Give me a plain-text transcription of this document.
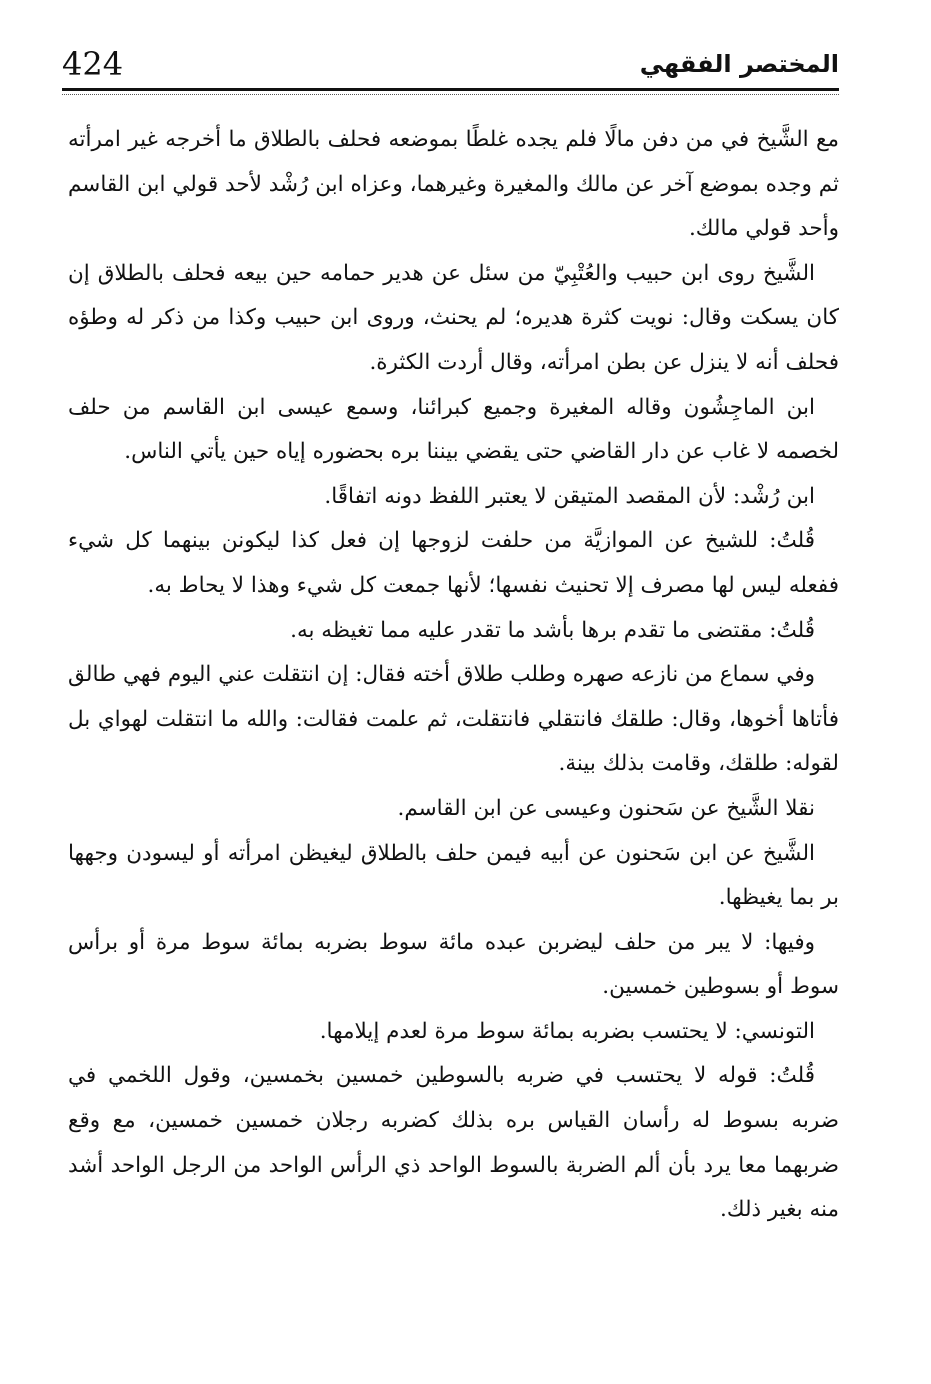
424	المختصر الفقهي

مع الشَّيخ في من دفن مالًا فلم يجده غلطًا بموضعه فحلف بالطلاق ما أخرجه غير امرأته ثم وجده بموضع آخر عن مالك والمغيرة وغيرهما، وعزاه ابن رُشْد لأحد قولي ابن القاسم وأحد قولي مالك.

الشَّيخ روى ابن حبيب والعُتْبِيّ من سئل عن هدير حمامه حين بيعه فحلف بالطلاق إن كان يسكت وقال: نويت كثرة هديره؛ لم يحنث، وروى ابن حبيب وكذا من ذكر له وطؤه فحلف أنه لا ينزل عن بطن امرأته، وقال أردت الكثرة.

ابن الماجِشُون وقاله المغيرة وجميع كبرائنا، وسمع عيسى ابن القاسم من حلف لخصمه لا غاب عن دار القاضي حتى يقضي بيننا بره بحضوره إياه حين يأتي الناس.

ابن رُشْد: لأن المقصد المتيقن لا يعتبر اللفظ دونه اتفاقًا.

قُلتُ: للشيخ عن الموازيَّة من حلفت لزوجها إن فعل كذا ليكونن بينهما كل شيء ففعله ليس لها مصرف إلا تحنيث نفسها؛ لأنها جمعت كل شيء وهذا لا يحاط به.

قُلتُ: مقتضى ما تقدم برها بأشد ما تقدر عليه مما تغيظه به.

وفي سماع من نازعه صهره وطلب طلاق أخته فقال: إن انتقلت عني اليوم فهي طالق فأتاها أخوها، وقال: طلقك فانتقلي فانتقلت، ثم علمت فقالت: والله ما انتقلت لهواي بل لقوله: طلقك، وقامت بذلك بينة.

نقلا الشَّيخ عن سَحنون وعيسى عن ابن القاسم.

الشَّيخ عن ابن سَحنون عن أبيه فيمن حلف بالطلاق ليغيظن امرأته أو ليسودن وجهها بر بما يغيظها.

وفيها: لا يبر من حلف ليضربن عبده مائة سوط بضربه بمائة سوط مرة أو برأس سوط أو بسوطين خمسين.

التونسي: لا يحتسب بضربه بمائة سوط مرة لعدم إيلامها.

قُلتُ: قوله لا يحتسب في ضربه بالسوطين خمسين بخمسين، وقول اللخمي في ضربه بسوط له رأسان القياس بره بذلك كضربه رجلان خمسين خمسين، مع وقع ضربهما معا يرد بأن ألم الضربة بالسوط الواحد ذي الرأس الواحد من الرجل الواحد أشد منه بغير ذلك.
